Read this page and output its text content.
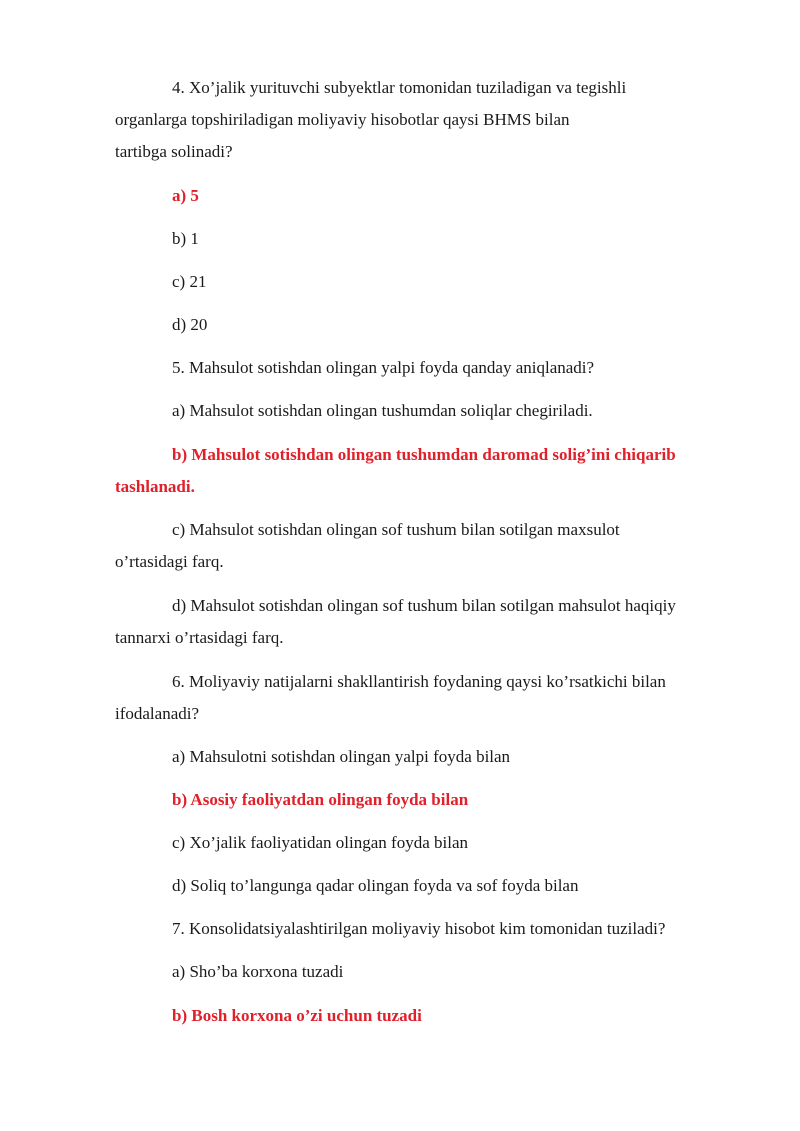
4. Xo’jalik yurituvchi subyektlar tomonidan tuziladigan va tegishli
organlarga topshiriladigan moliyaviy hisobotlar qaysi BHMS bilan
tartibga solinadi?
a) 5
b) 1
c) 21
d) 20
5. Mahsulot sotishdan olingan yalpi foyda qanday aniqlanadi?
a) Mahsulot sotishdan olingan tushumdan soliqlar chegiriladi.
b) Mahsulot sotishdan olingan tushumdan daromad solig’ini chiqarib
tashlanadi.
c) Mahsulot sotishdan olingan sof tushum bilan sotilgan maxsulot
o’rtasidagi farq.
d) Mahsulot sotishdan olingan sof tushum bilan sotilgan mahsulot haqiqiy
tannarxi o’rtasidagi farq.
6. Moliyaviy natijalarni shakllantirish foydaning qaysi ko’rsatkichi bilan
ifodalanadi?
a) Mahsulotni sotishdan olingan yalpi foyda bilan
b) Asosiy faoliyatdan olingan foyda bilan
c) Xo’jalik faoliyatidan olingan foyda bilan
d) Soliq to’langunga qadar olingan foyda va sof foyda bilan
7. Konsolidatsiyalashtirilgan moliyaviy hisobot kim tomonidan tuziladi?
a) Sho’ba korxona tuzadi
b) Bosh korxona o’zi uchun tuzadi
